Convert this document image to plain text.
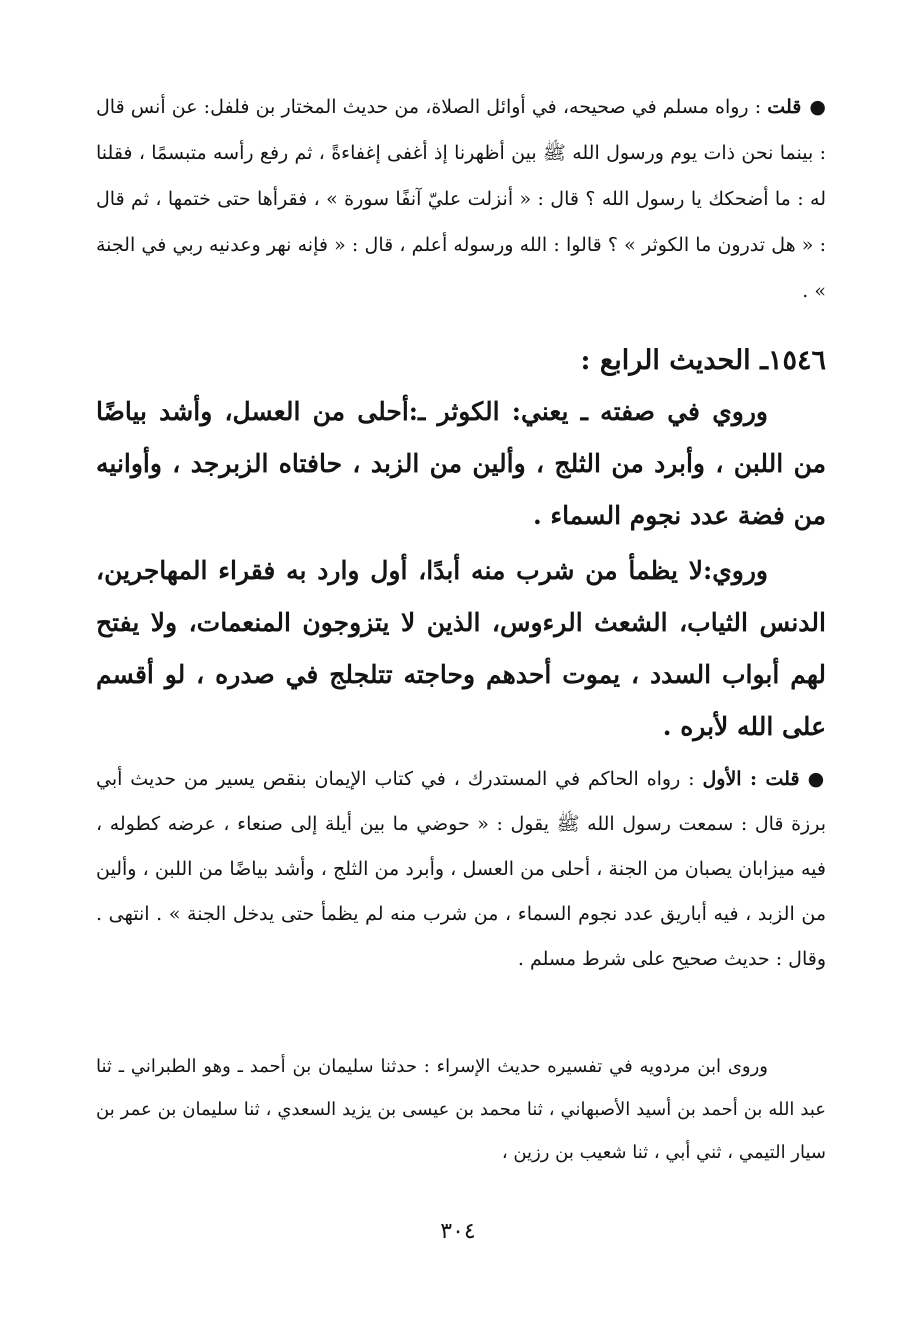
●قلت : رواه مسلم في صحيحه، في أوائل الصلاة، من حديث المختار بن فلفل: عن أنس قال : بينما نحن ذات يوم ورسول الله ﷺ بين أظهرنا إذ أغفى إغفاءةً ، ثم رفع رأسه متبسمًا ، فقلنا له : ما أضحكك يا رسول الله ؟ قال : « أنزلت عليّ آنفًا سورة » ، فقرأها حتى ختمها ، ثم قال : « هل تدرون ما الكوثر » ؟ قالوا : الله ورسوله أعلم ، قال : « فإنه نهر وعدنيه ربي في الجنة » .

١٥٤٦ـ الحديث الرابع :

وروي في صفته ـ يعني: الكوثر ـ:أحلى من العسل، وأشد بياضًا من اللبن ، وأبرد من الثلج ، وألين من الزبد ، حافتاه الزبرجد ، وأوانيه من فضة عدد نجوم السماء .

وروي:لا يظمأ من شرب منه أبدًا، أول وارد به فقراء المهاجرين، الدنس الثياب، الشعث الرءوس، الذين لا يتزوجون المنعمات، ولا يفتح لهم أبواب السدد ، يموت أحدهم وحاجته تتلجلج في صدره ، لو أقسم على الله لأبره .

●قلت : الأول : رواه الحاكم في المستدرك ، في كتاب الإيمان بنقص يسير من حديث أبي برزة قال : سمعت رسول الله ﷺ يقول : « حوضي ما بين أيلة إلى صنعاء ، عرضه كطوله ، فيه ميزابان يصبان من الجنة ، أحلى من العسل ، وأبرد من الثلج ، وأشد بياضًا من اللبن ، وألين من الزبد ، فيه أباريق عدد نجوم السماء ، من شرب منه لم يظمأ حتى يدخل الجنة » . انتهى . وقال : حديث صحيح على شرط مسلم .

وروى ابن مردويه في تفسيره حديث الإسراء : حدثنا سليمان بن أحمد ـ وهو الطبراني ـ ثنا عبد الله بن أحمد بن أسيد الأصبهاني ، ثنا محمد بن عيسى بن يزيد السعدي ، ثنا سليمان بن عمر بن سيار التيمي ، ثني أبي ، ثنا شعيب بن رزين ،

٣٠٤
